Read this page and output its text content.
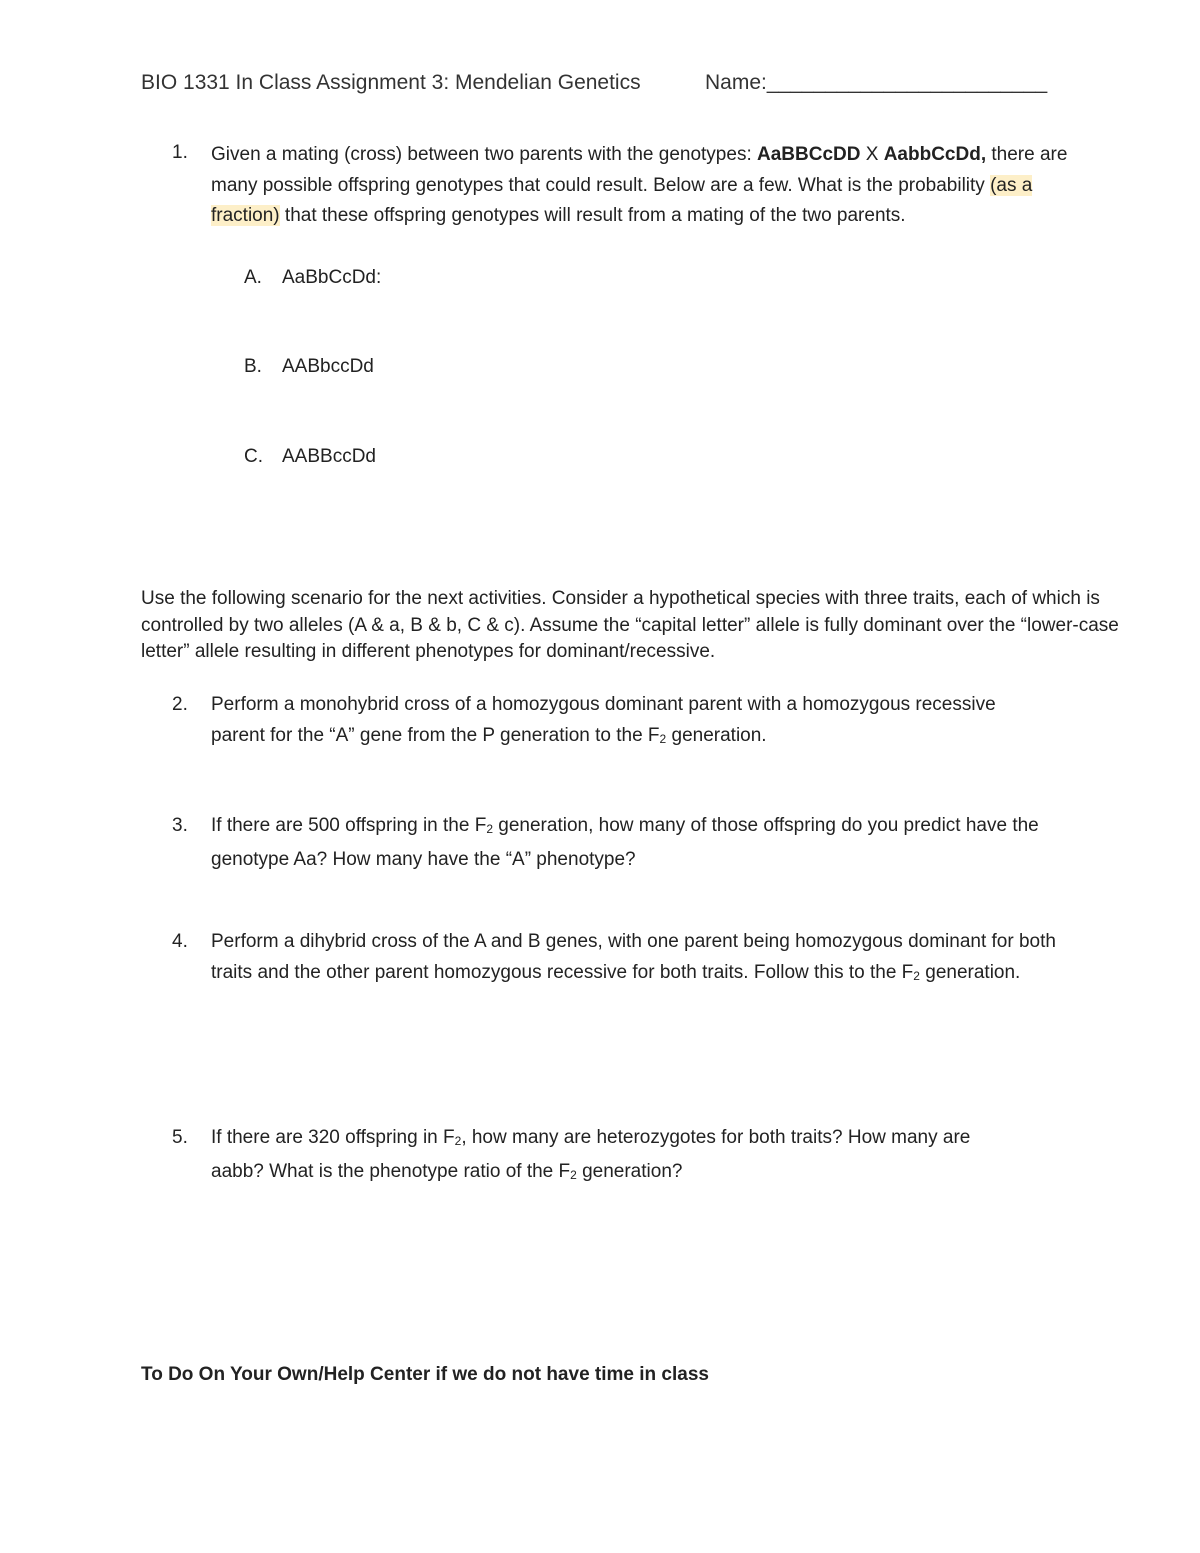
BIO 1331 In Class Assignment 3: Mendelian Genetics	Name:________________________
1. Given a mating (cross) between two parents with the genotypes: AaBBCcDD X AabbCcDd, there are many possible offspring genotypes that could result. Below are a few. What is the probability (as a fraction) that these offspring genotypes will result from a mating of the two parents.
A. AaBbCcDd:
B. AABbccDd
C. AABBccDd
Use the following scenario for the next activities. Consider a hypothetical species with three traits, each of which is controlled by two alleles (A & a, B & b, C & c). Assume the “capital letter” allele is fully dominant over the “lower-case letter” allele resulting in different phenotypes for dominant/recessive.
2. Perform a monohybrid cross of a homozygous dominant parent with a homozygous recessive parent for the “A” gene from the P generation to the $F_2$ generation.
3. If there are 500 offspring in the $F_2$ generation, how many of those offspring do you predict have the genotype Aa? How many have the “A” phenotype?
4. Perform a dihybrid cross of the A and B genes, with one parent being homozygous dominant for both traits and the other parent homozygous recessive for both traits. Follow this to the $F_2$ generation.
5. If there are 320 offspring in $F_2$, how many are heterozygotes for both traits? How many are aabb? What is the phenotype ratio of the $F_2$ generation?
To Do On Your Own/Help Center if we do not have time in class
